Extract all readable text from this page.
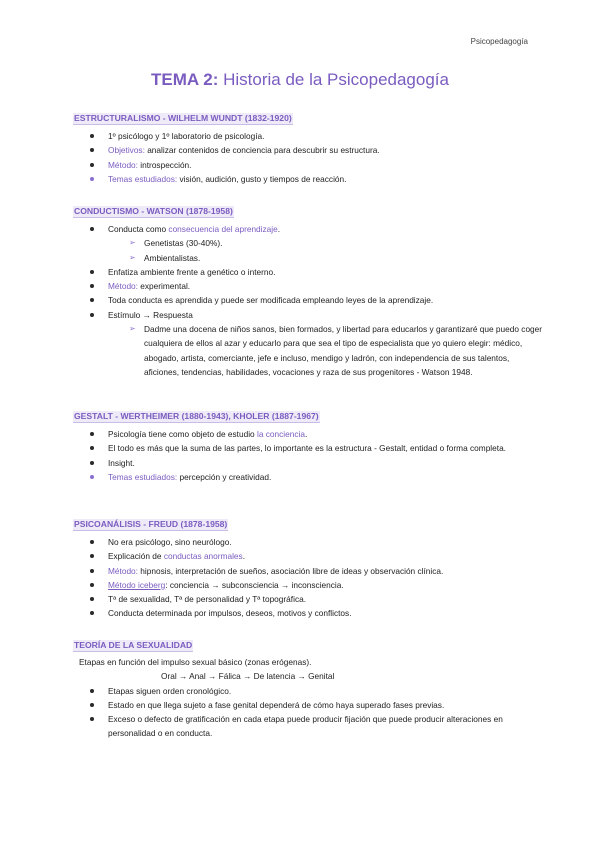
Psicopedagogía
TEMA 2: Historia de la Psicopedagogía
ESTRUCTURALISMO - WILHELM WUNDT (1832-1920)
1º psicólogo y 1º laboratorio de psicología.
Objetivos: analizar contenidos de conciencia para descubrir su estructura.
Método: introspección.
Temas estudiados: visión, audición, gusto y tiempos de reacción.
CONDUCTISMO - WATSON (1878-1958)
Conducta como consecuencia del aprendizaje.
➢ Genetistas (30-40%).
➢ Ambientalistas.
Enfatiza ambiente frente a genético o interno.
Método: experimental.
Toda conducta es aprendida y puede ser modificada empleando leyes de la aprendizaje.
Estímulo → Respuesta
➢ Dadme una docena de niños sanos, bien formados, y libertad para educarlos y garantizaré que puedo coger cualquiera de ellos al azar y educarlo para que sea el tipo de especialista que yo quiero elegir: médico, abogado, artista, comerciante, jefe e incluso, mendigo y ladrón, con independencia de sus talentos, aficiones, tendencias, habilidades, vocaciones y raza de sus progenitores - Watson 1948.
GESTALT - WERTHEIMER (1880-1943), KHOLER (1887-1967)
Psicología tiene como objeto de estudio la conciencia.
El todo es más que la suma de las partes, lo importante es la estructura - Gestalt, entidad o forma completa.
Insight.
Temas estudiados: percepción y creatividad.
PSICOANÁLISIS - FREUD (1878-1958)
No era psicólogo, sino neurólogo.
Explicación de conductas anormales.
Método: hipnosis, interpretación de sueños, asociación libre de ideas y observación clínica.
Método iceberg: conciencia → subconsciencia → inconsciencia.
Tª de sexualidad, Tª de personalidad y Tª topográfica.
Conducta determinada por impulsos, deseos, motivos y conflictos.
TEORÍA DE LA SEXUALIDAD
Etapas en función del impulso sexual básico (zonas erógenas).
Oral → Anal → Fálica → De latencia → Genital
Etapas siguen orden cronológico.
Estado en que llega sujeto a fase genital dependerá de cómo haya superado fases previas.
Exceso o defecto de gratificación en cada etapa puede producir fijación que puede producir alteraciones en personalidad o en conducta.
